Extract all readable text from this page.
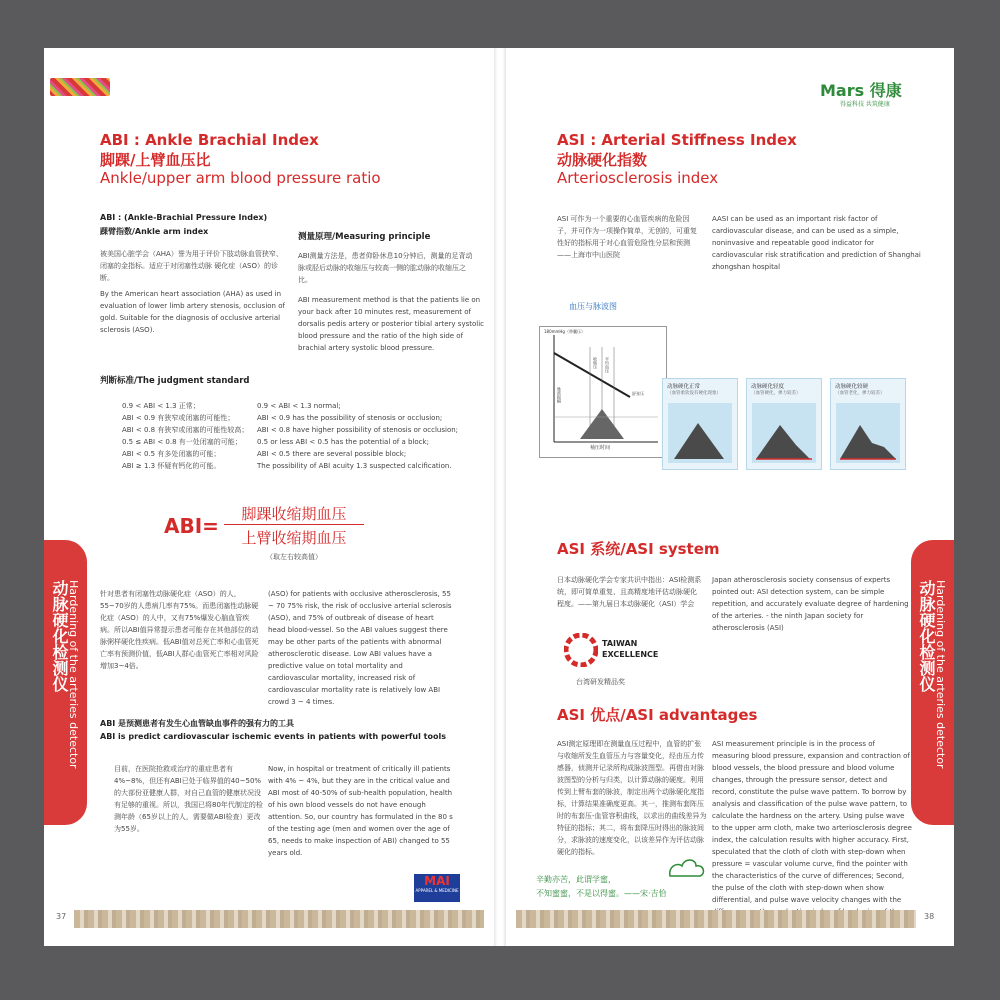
ABI : Ankle Brachial Index
脚踝/上臂血压比
Ankle/upper arm blood pressure ratio
ABI : (Ankle-Brachial Pressure Index)
踝臂指数/Ankle arm index
被美国心脏学会（AHA）誉为用于评价下肢动脉血管狭窄、闭塞的金指标。适应于对闭塞性动脉 硬化症（ASO）的诊断。
By the American heart association (AHA) as used in evaluation of lower limb artery stenosis, occlusion of gold. Suitable for the diagnosis of occlusive arterial sclerosis (ASO).
测量原理/Measuring principle
ABI测量方法是，患者仰卧休息10分钟后，测量的足背动脉或胫后动脉的收缩压与较高一侧的肱动脉的收缩压之比。
ABI measurement method is that the patients lie on your back after 10 minutes rest, measurement of dorsalis pedis artery or posterior tibial artery systolic blood pressure and the ratio of the high side of brachial artery systolic blood pressure.
判断标准/The judgment standard
0.9 < ABI < 1.3 正常；
ABI < 0.9 有狭窄或闭塞的可能性；
ABI < 0.8 有狭窄或闭塞的可能性较高；
0.5 ≤ ABI < 0.8 有一处闭塞的可能；
ABI < 0.5 有多处闭塞的可能；
ABI ≥ 1.3 怀疑有钙化的可能。
0.9 < ABI < 1.3 normal;
ABI < 0.9 has the possibility of stenosis or occlusion;
ABI < 0.8 have higher possibility of stenosis or occlusion;
0.5 or less ABI < 0.5 has the potential of a block;
ABI < 0.5 there are several possible block;
The possibility of ABI acuity 1.3 suspected calcification.
ABI=	脚踝收缩期血压
上臂收缩期血压
（取左右较高值）
针对患者有闭塞性动脉硬化症（ASO）的人，55~70岁的人患病几率有75%。而患闭塞性动脉硬化症（ASO）的人中，又有75%爆发心脑血管疾病。所以ABI值异常提示患者可能存在其他部位的动脉粥样硬化性疾病。低ABI值对总死亡率和心血管死亡率有预测价值，低ABI人群心血管死亡率相对风险增加3~4倍。
(ASO) for patients with occlusive atherosclerosis, 55 ~ 70 75% risk, the risk of occlusive arterial sclerosis (ASO), and 75% of outbreak of disease of heart head blood-vessel. So the ABI values suggest there may be other parts of the patients with abnormal atherosclerotic disease. Low ABI values have a predictive value on total mortality and cardiovascular mortality, increased risk of cardiovascular mortality rate is relatively low ABI crowd 3 ~ 4 times.
ABI 是预测患者有发生心血管缺血事件的强有力的工具
ABI is predict cardiovascular ischemic events in patients with powerful tools
目前，在医院抢救或治疗的重症患者有4%~8%，但还有ABI已处于临界值的40~50%的大部份亚健康人群，对自己血管的健康状况没有足够的重视。所以，我国已将80年代制定的检测年龄（65岁以上的人，需要做ABI检查）更改为55岁。
Now, in hospital or treatment of critically ill patients with 4% ~ 4%, but they are in the critical value and ABI most of 40-50% of sub-health population, health of his own blood vessels do not have enough attention. So, our country has formulated in the 80 s of the testing age (men and women over the age of 65, needs to make inspection of ABI) changed to 55 years old.
动脉硬化检测仪
Hardening of the arteries detector
MAI
APPAREL & MEDICINE
37
Mars 得康
得益科技 共筑健康
ASI : Arterial Stiffness Index
动脉硬化指数
Arteriosclerosis index
ASI 可作为一个重要的心血管疾病的危险因子，并可作为一项操作简单，无创的，可重复性好的指标用于对心血管危险性分层和预测——上海市中山医院
AASI can be used as an important risk factor of cardiovascular disease, and can be used as a simple, noninvasive and repeatable good indicator for cardiovascular risk stratification and prediction of Shanghai zhongshan hospital
血压与脉波图
180mmHg（带囊压）
袖压时间
脉波振幅
收缩压 平均血压
舒张压
动脉硬化正常
（血管柔软没有硬化现象）
动脉硬化轻度
（血管硬化，弹力较差）
动脉硬化较硬
（血管老化，弹力较差）
ASI 系统/ASI system
日本动脉硬化学会专家共识中指出：ASI检测系统，即可简单重复、且高精度地评估动脉硬化程度。——第九届日本动脉硬化（ASI）学会
Japan atherosclerosis society consensus of experts pointed out: ASI detection system, can be simple repetition, and accurately evaluate degree of hardening of the arteries. - the ninth Japan society for atherosclerosis (ASI)
TAIWAN
EXCELLENCE
台湾研发精品奖
ASI 优点/ASI advantages
ASI测定原理即在测量血压过程中，血管的扩张与收缩所发生血管压力与容量变化，经由压力传感器，侦测并记录所构成脉波图型。再借由对脉波图型的分析与归类，以计算动脉的硬度。利用传到上臂布套的脉波，制定出两个动脉硬化度指标，计算结果准确度更高。其一，推测布套阵压时的布套压-血管容积曲线，以求出的曲线差异为特征的指标；其二，将布套降压时得出的脉波间分，求脉波的速度变化，以该差异作为评估动脉硬化的指标。
ASI measurement principle is in the process of measuring blood pressure, expansion and contraction of blood vessels, the blood pressure and blood volume changes, through the pressure sensor, detect and record, constitute the pulse wave pattern. To borrow by analysis and classification of the pulse wave pattern, to calculate the hardness on the artery. Using pulse wave to the upper arm cloth, make two arteriosclerosis degree index, the calculation results with higher accuracy. First, speculated that the cloth of cloth with step-down when pressure = vascular volume curve, find the pointer with the characteristics of the curve of differences; Second, the pulse of the cloth with step-down when show differential, and pulse wave velocity changes with the
辛勤亦苦，此谓学蜜，
不知蜜蜜，不是以得蜜。——宋·吉恰
动脉硬化检测仪
Hardening of the arteries detector
38
